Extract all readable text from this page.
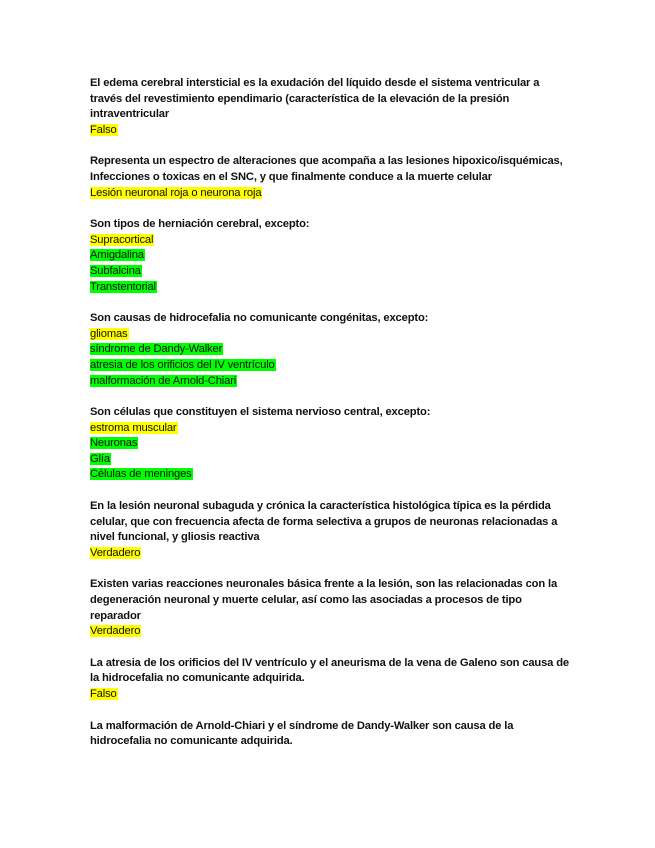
El edema cerebral intersticial es la exudación del líquido desde el sistema ventricular a través del revestimiento ependimario (característica de la elevación de la presión intraventricular

Falso

Representa un espectro de alteraciones que acompaña a las lesiones hipoxico/isquémicas, Infecciones o toxicas en el SNC, y que finalmente conduce a la muerte celular

Lesión neuronal roja o neurona roja

Son tipos de herniación cerebral, excepto:

Supracortical

Amigdalina

Subfalcina

Transtentorial

Son causas de hidrocefalia no comunicante congénitas, excepto:

gliomas

síndrome de Dandy-Walker

atresia de los orificios del IV ventrículo

malformación de Arnold-Chiari

Son células que constituyen el sistema nervioso central, excepto:

estroma muscular

Neuronas

Glía

Células de meninges

En la lesión neuronal subaguda y crónica la característica histológica típica es la pérdida celular, que con frecuencia afecta de forma selectiva a grupos de neuronas relacionadas a nivel funcional, y gliosis reactiva

Verdadero

Existen varias reacciones neuronales básica frente a la lesión, son las relacionadas con la degeneración neuronal y muerte celular, así como las asociadas a procesos de tipo reparador

Verdadero

La atresia de los orificios del IV ventrículo y el aneurisma de la vena de Galeno son causa de la hidrocefalia no comunicante adquirida.

Falso

La malformación de Arnold-Chiari y el síndrome de Dandy-Walker son causa de la hidrocefalia no comunicante adquirida.
